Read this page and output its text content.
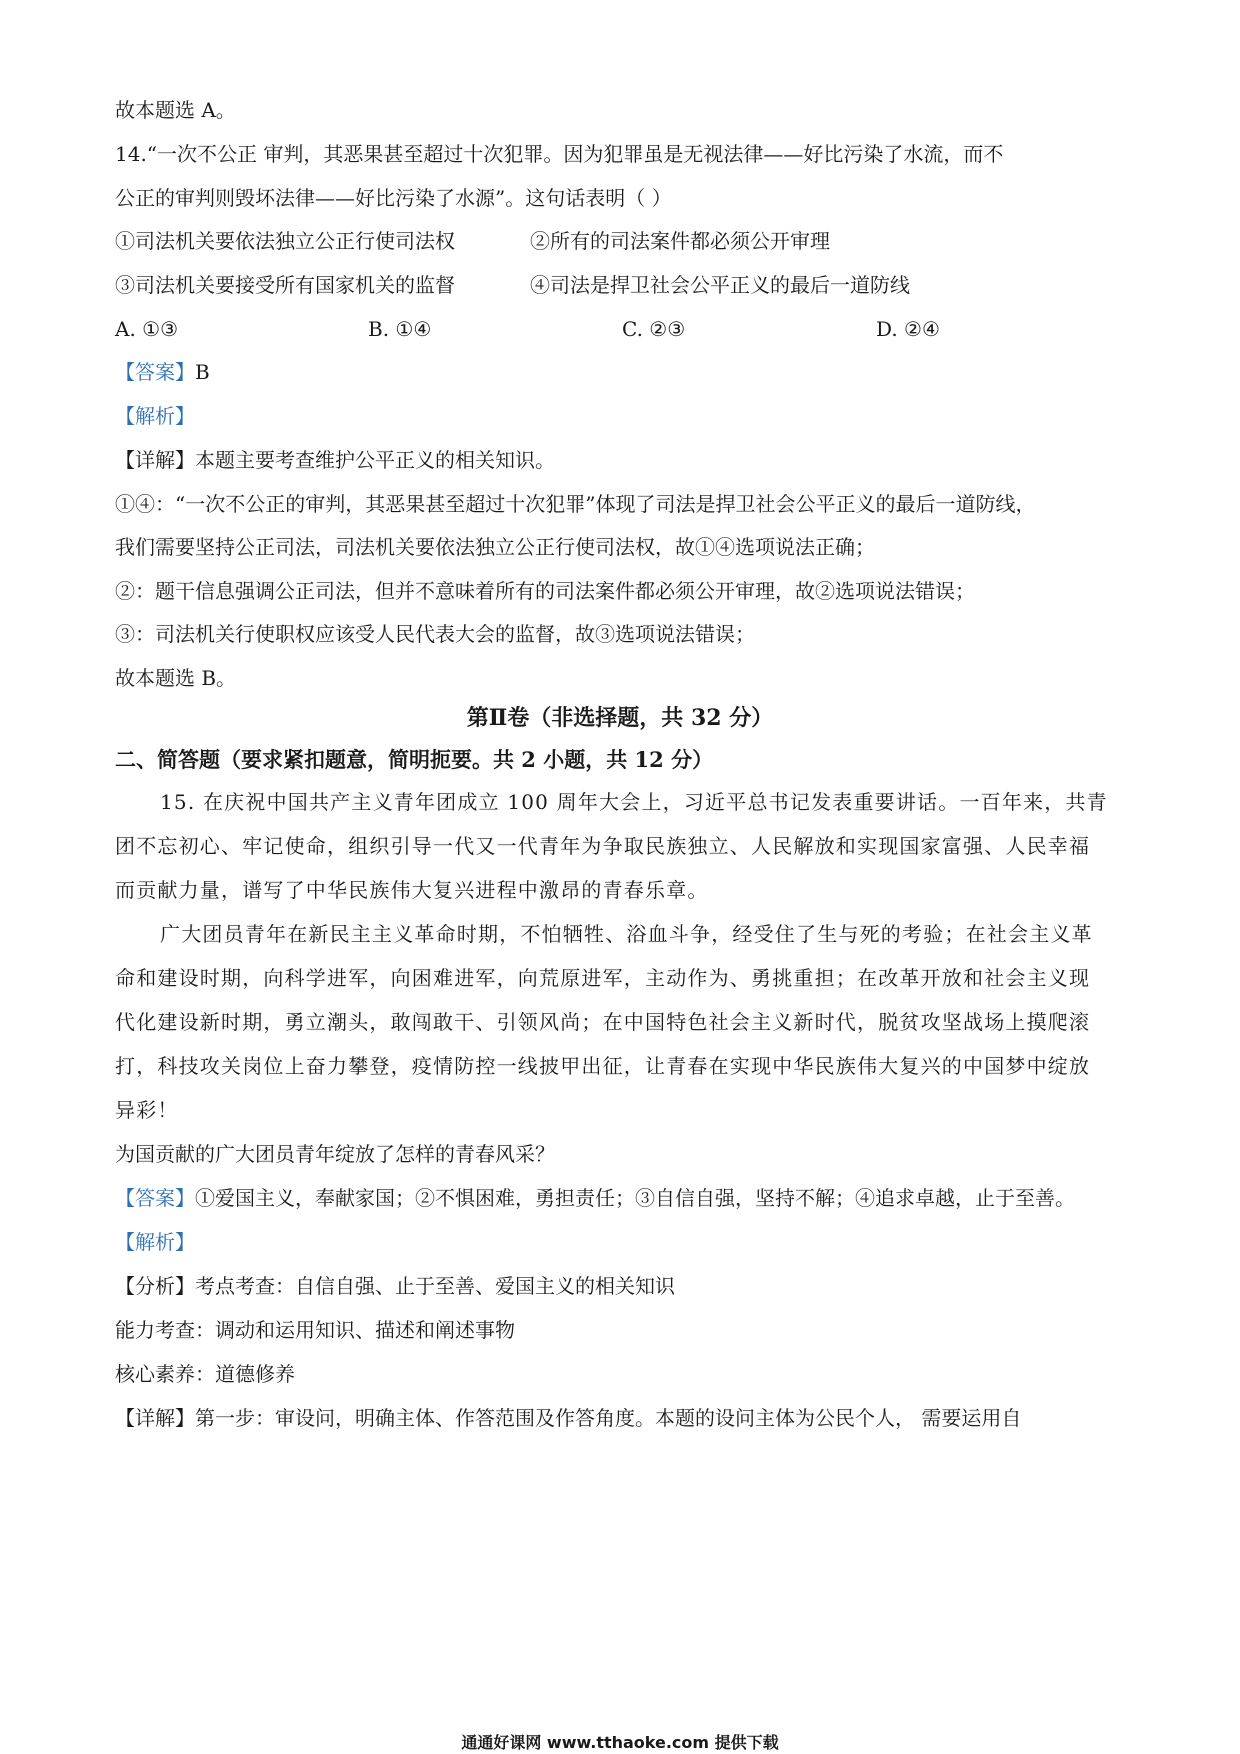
故本题选 A。
14.“一次不公正 审判，其恶果甚至超过十次犯罪。因为犯罪虽是无视法律——好比污染了水流，而不
公正的审判则毁坏法律——好比污染了水源”。这句话表明（ ）
①司法机关要依法独立公正行使司法权	②所有的司法案件都必须公开审理
③司法机关要接受所有国家机关的监督	④司法是捍卫社会公平正义的最后一道防线
A. ①③	B. ①④	C. ②③	D. ②④
【答案】B
【解析】
【详解】本题主要考查维护公平正义的相关知识。
①④：“一次不公正的审判，其恶果甚至超过十次犯罪”体现了司法是捍卫社会公平正义的最后一道防线，
我们需要坚持公正司法，司法机关要依法独立公正行使司法权，故①④选项说法正确；
②：题干信息强调公正司法，但并不意味着所有的司法案件都必须公开审理，故②选项说法错误；
③：司法机关行使职权应该受人民代表大会的监督，故③选项说法错误；
故本题选 B。
第Ⅱ卷（非选择题，共 32 分）
二、简答题（要求紧扣题意，简明扼要。共 2 小题，共 12 分）
15. 在庆祝中国共产主义青年团成立 100 周年大会上，习近平总书记发表重要讲话。一百年来，共青
团不忘初心、牢记使命，组织引导一代又一代青年为争取民族独立、人民解放和实现国家富强、人民幸福
而贡献力量，谱写了中华民族伟大复兴进程中激昂的青春乐章。
广大团员青年在新民主主义革命时期，不怕牺牲、浴血斗争，经受住了生与死的考验；在社会主义革
命和建设时期，向科学进军，向困难进军，向荒原进军，主动作为、勇挑重担；在改革开放和社会主义现
代化建设新时期，勇立潮头，敢闯敢干、引领风尚；在中国特色社会主义新时代，脱贫攻坚战场上摸爬滚
打，科技攻关岗位上奋力攀登，疫情防控一线披甲出征，让青春在实现中华民族伟大复兴的中国梦中绽放
异彩！
为国贡献的广大团员青年绽放了怎样的青春风采？
【答案】①爱国主义，奉献家国；②不惧困难，勇担责任；③自信自强，坚持不解；④追求卓越，止于至善。
【解析】
【分析】考点考查：自信自强、止于至善、爱国主义的相关知识
能力考查：调动和运用知识、描述和阐述事物
核心素养：道德修养
【详解】第一步：审设问，明确主体、作答范围及作答角度。本题的设问主体为公民个人， 需要运用自
通通好课网 www.tthaoke.com 提供下载
